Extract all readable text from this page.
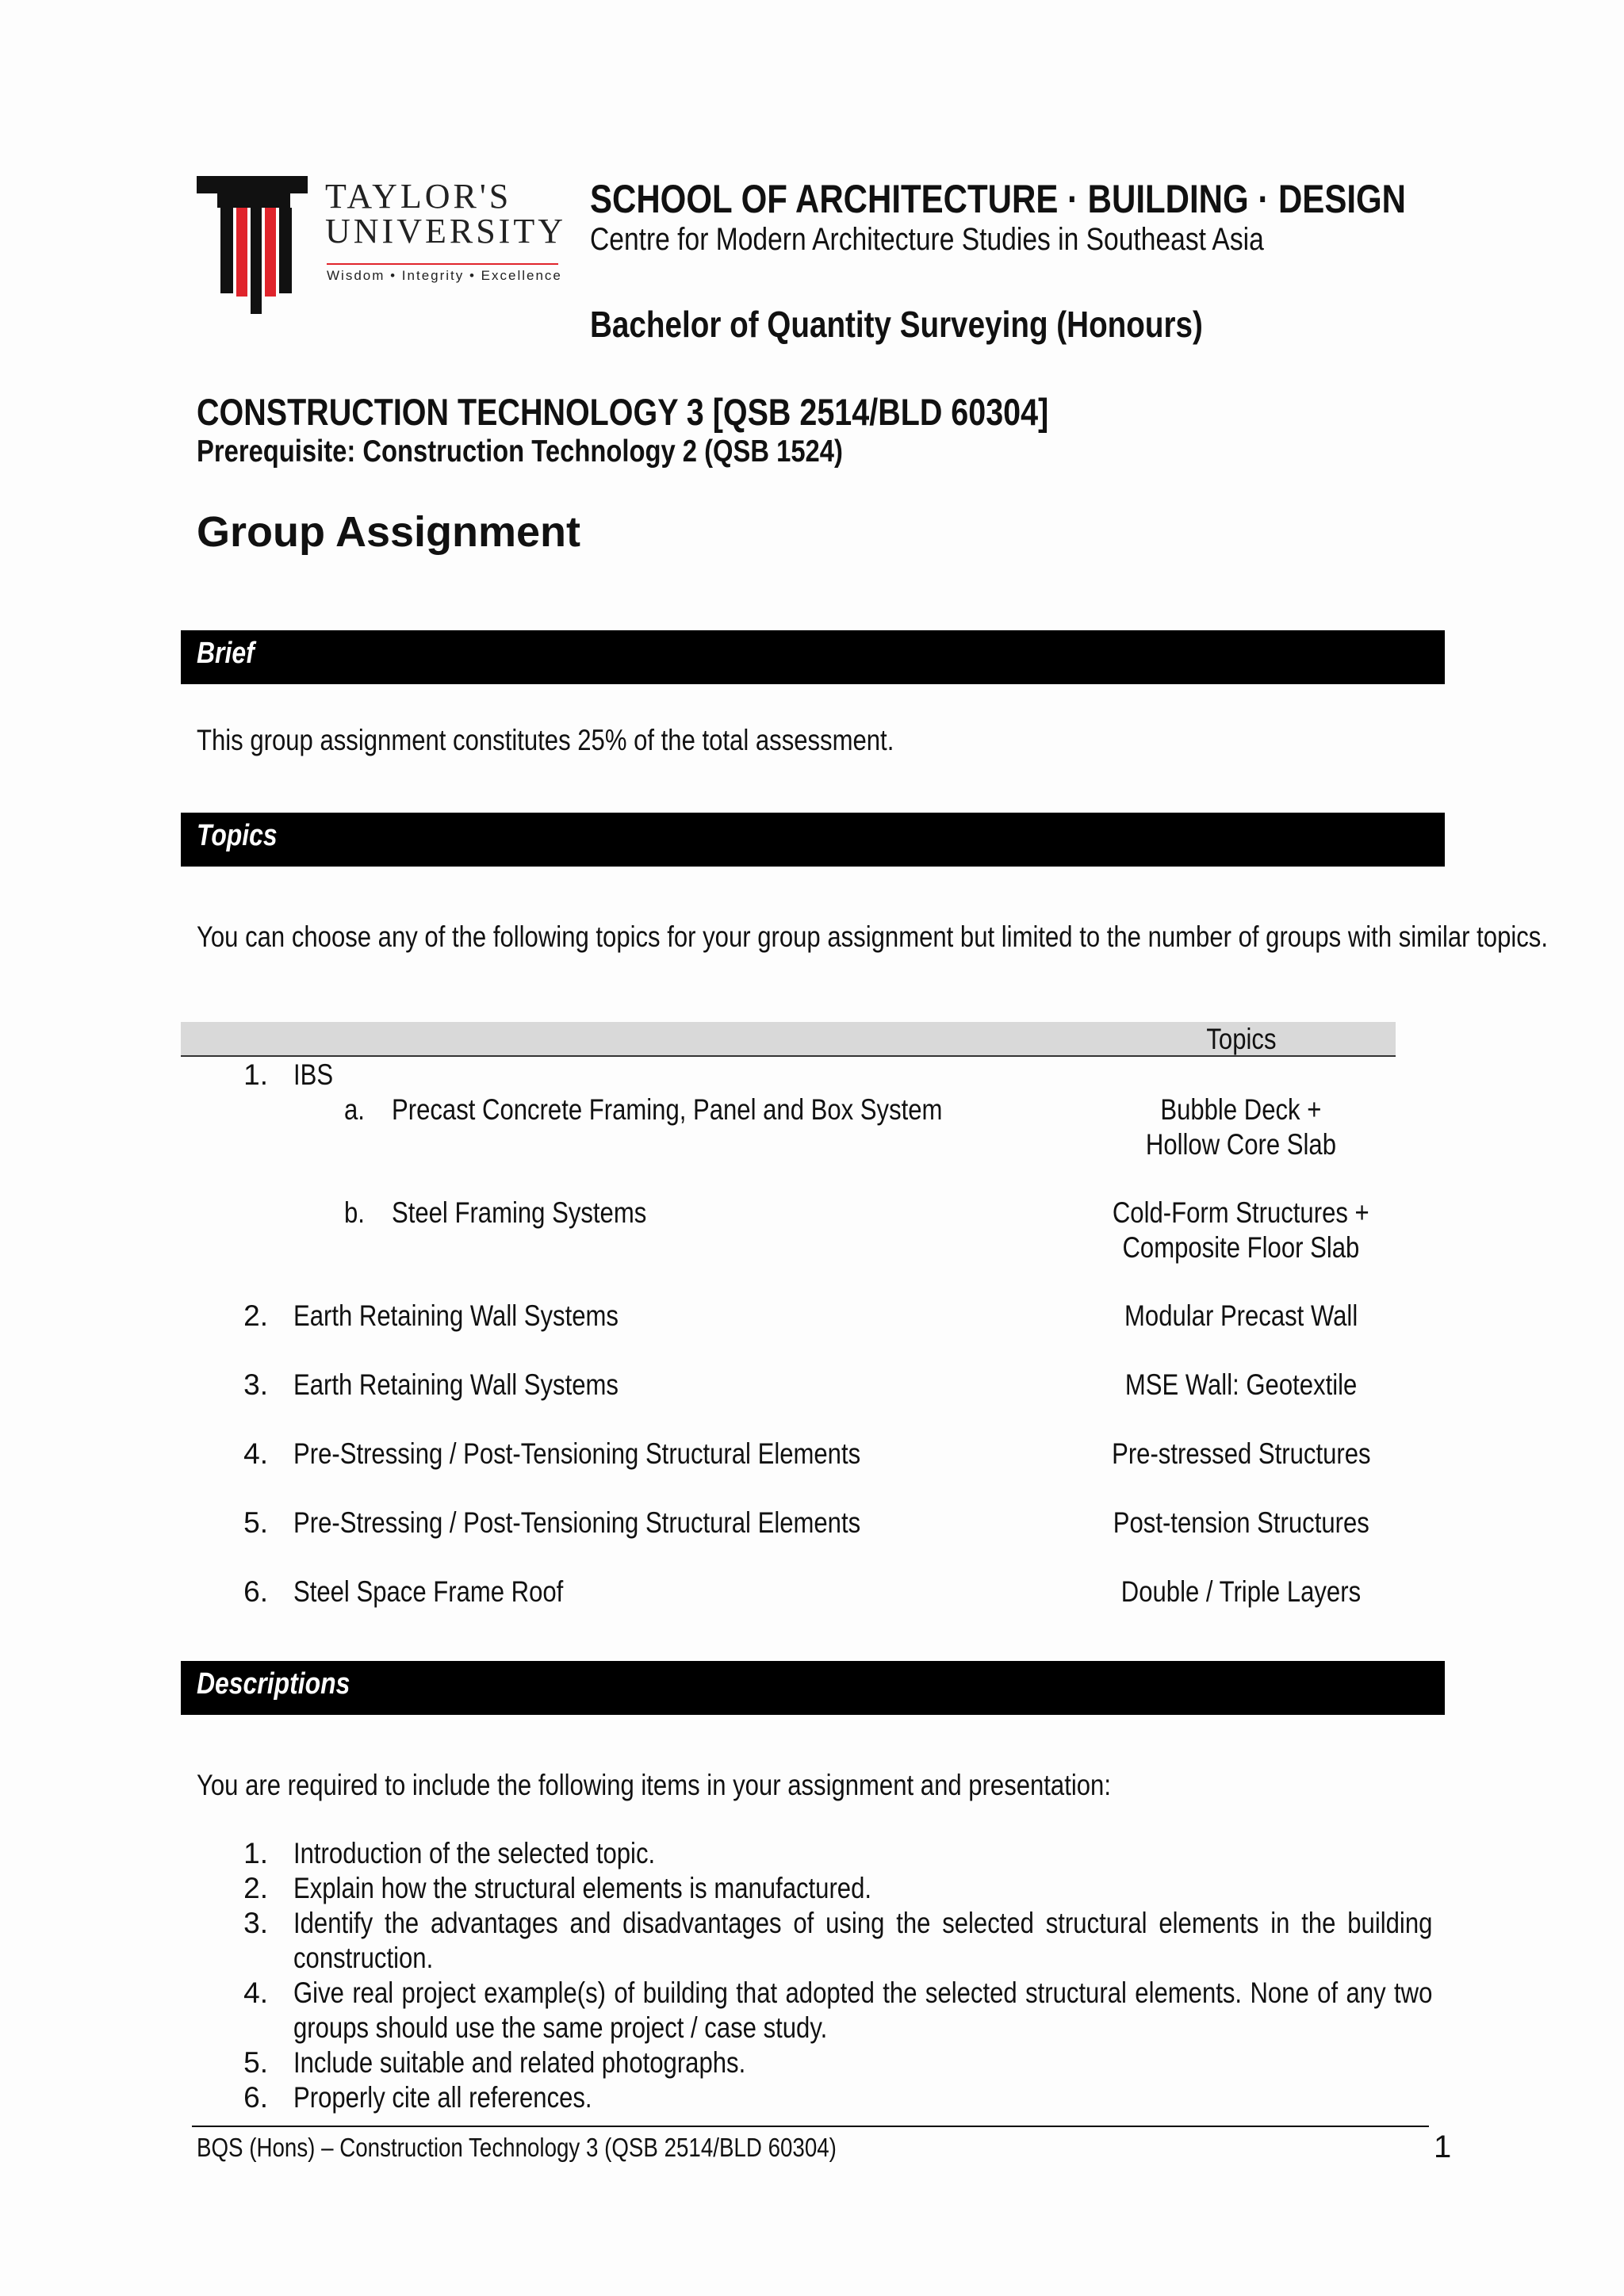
TAYLOR'S
UNIVERSITY
Wisdom • Integrity • Excellence
SCHOOL OF ARCHITECTURE · BUILDING · DESIGN
Centre for Modern Architecture Studies in Southeast Asia
Bachelor of Quantity Surveying (Honours)
CONSTRUCTION TECHNOLOGY 3 [QSB 2514/BLD 60304]
Prerequisite: Construction Technology 2 (QSB 1524)
Group Assignment
Brief
This group assignment constitutes 25% of the total assessment.
Topics
You can choose any of the following topics for your group assignment but limited to the number of groups with similar topics.
Topics
1. IBS
a. Precast Concrete Framing, Panel and Box System	Bubble Deck +
Hollow Core Slab
b. Steel Framing Systems	Cold-Form Structures +
Composite Floor Slab
2. Earth Retaining Wall Systems	Modular Precast Wall
3. Earth Retaining Wall Systems	MSE Wall: Geotextile
4. Pre-Stressing / Post-Tensioning Structural Elements	Pre-stressed Structures
5. Pre-Stressing / Post-Tensioning Structural Elements	Post-tension Structures
6. Steel Space Frame Roof	Double / Triple Layers
Descriptions
You are required to include the following items in your assignment and presentation:
1. Introduction of the selected topic.
2. Explain how the structural elements is manufactured.
3. Identify the advantages and disadvantages of using the selected structural elements in the building construction.
4. Give real project example(s) of building that adopted the selected structural elements. None of any two groups should use the same project / case study.
5. Include suitable and related photographs.
6. Properly cite all references.
BQS (Hons) – Construction Technology 3 (QSB 2514/BLD 60304)	1
